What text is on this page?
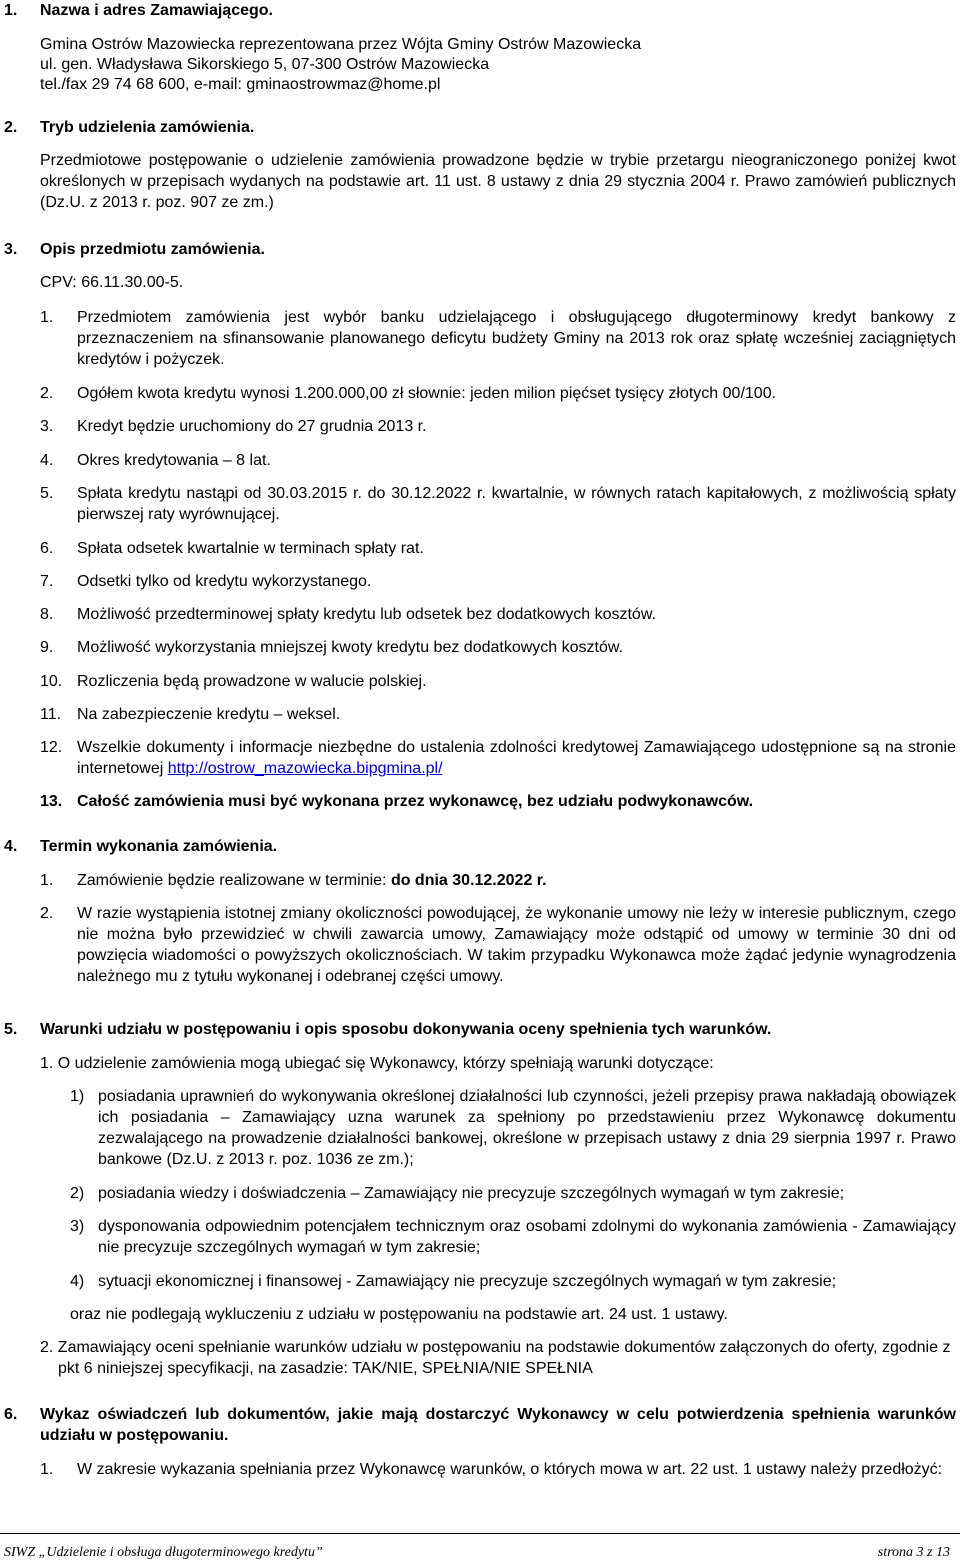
1. Nazwa i adres Zamawiającego.
Gmina Ostrów Mazowiecka reprezentowana przez Wójta Gminy Ostrów Mazowiecka
ul. gen. Władysława Sikorskiego 5, 07-300 Ostrów Mazowiecka
tel./fax 29 74 68 600, e-mail: gminaostrowmaz@home.pl
2. Tryb udzielenia zamówienia.
Przedmiotowe postępowanie o udzielenie zamówienia prowadzone będzie w trybie przetargu nieograniczonego poniżej kwot określonych w przepisach wydanych na podstawie art. 11 ust. 8 ustawy z dnia 29 stycznia 2004 r. Prawo zamówień publicznych (Dz.U. z 2013 r. poz. 907 ze zm.)
3. Opis przedmiotu zamówienia.
CPV: 66.11.30.00-5.
1. Przedmiotem zamówienia jest wybór banku udzielającego i obsługującego długoterminowy kredyt bankowy z przeznaczeniem na sfinansowanie planowanego deficytu budżety Gminy na 2013 rok oraz spłatę wcześniej zaciągniętych kredytów i pożyczek.
2. Ogółem kwota kredytu wynosi 1.200.000,00 zł słownie: jeden milion pięćset tysięcy złotych 00/100.
3. Kredyt będzie uruchomiony do 27 grudnia 2013 r.
4. Okres kredytowania – 8 lat.
5. Spłata kredytu nastąpi od 30.03.2015 r. do 30.12.2022 r. kwartalnie, w równych ratach kapitałowych, z możliwością spłaty pierwszej raty wyrównującej.
6. Spłata odsetek kwartalnie w terminach spłaty rat.
7. Odsetki tylko od kredytu wykorzystanego.
8. Możliwość przedterminowej spłaty kredytu lub odsetek bez dodatkowych kosztów.
9. Możliwość wykorzystania mniejszej kwoty kredytu bez dodatkowych kosztów.
10. Rozliczenia będą prowadzone w walucie polskiej.
11. Na zabezpieczenie kredytu – weksel.
12. Wszelkie dokumenty i informacje niezbędne do ustalenia zdolności kredytowej Zamawiającego udostępnione są na stronie internetowej http://ostrow_mazowiecka.bipgmina.pl/
13. Całość zamówienia musi być wykonana przez wykonawcę, bez udziału podwykonawców.
4. Termin wykonania zamówienia.
1. Zamówienie będzie realizowane w terminie: do dnia 30.12.2022 r.
2. W razie wystąpienia istotnej zmiany okoliczności powodującej, że wykonanie umowy nie leży w interesie publicznym, czego nie można było przewidzieć w chwili zawarcia umowy, Zamawiający może odstąpić od umowy w terminie 30 dni od powzięcia wiadomości o powyższych okolicznościach. W takim przypadku Wykonawca może żądać jedynie wynagrodzenia należnego mu z tytułu wykonanej i odebranej części umowy.
5. Warunki udziału w postępowaniu i opis sposobu dokonywania oceny spełnienia tych warunków.
1. O udzielenie zamówienia mogą ubiegać się Wykonawcy, którzy spełniają warunki dotyczące:
1) posiadania uprawnień do wykonywania określonej działalności lub czynności, jeżeli przepisy prawa nakładają obowiązek ich posiadania – Zamawiający uzna warunek za spełniony po przedstawieniu przez Wykonawcę dokumentu zezwalającego na prowadzenie działalności bankowej, określone w przepisach ustawy z dnia 29 sierpnia 1997 r. Prawo bankowe (Dz.U. z 2013 r. poz. 1036 ze zm.);
2) posiadania wiedzy i doświadczenia – Zamawiający nie precyzuje szczególnych wymagań w tym zakresie;
3) dysponowania odpowiednim potencjałem technicznym oraz osobami zdolnymi do wykonania zamówienia - Zamawiający nie precyzuje szczególnych wymagań w tym zakresie;
4) sytuacji ekonomicznej i finansowej - Zamawiający nie precyzuje szczególnych wymagań w tym zakresie;
oraz nie podlegają wykluczeniu z udziału w postępowaniu na podstawie art. 24 ust. 1 ustawy.
2. Zamawiający oceni spełnianie warunków udziału w postępowaniu na podstawie dokumentów załączonych do oferty, zgodnie z pkt 6 niniejszej specyfikacji, na zasadzie: TAK/NIE, SPEŁNIA/NIE SPEŁNIA
6. Wykaz oświadczeń lub dokumentów, jakie mają dostarczyć Wykonawcy w celu potwierdzenia spełnienia warunków udziału w postępowaniu.
1. W zakresie wykazania spełniania przez Wykonawcę warunków, o których mowa w art. 22 ust. 1 ustawy należy przedłożyć:
SIWZ „Udzielenie i obsługa długoterminowego kredytu”	strona 3 z 13
